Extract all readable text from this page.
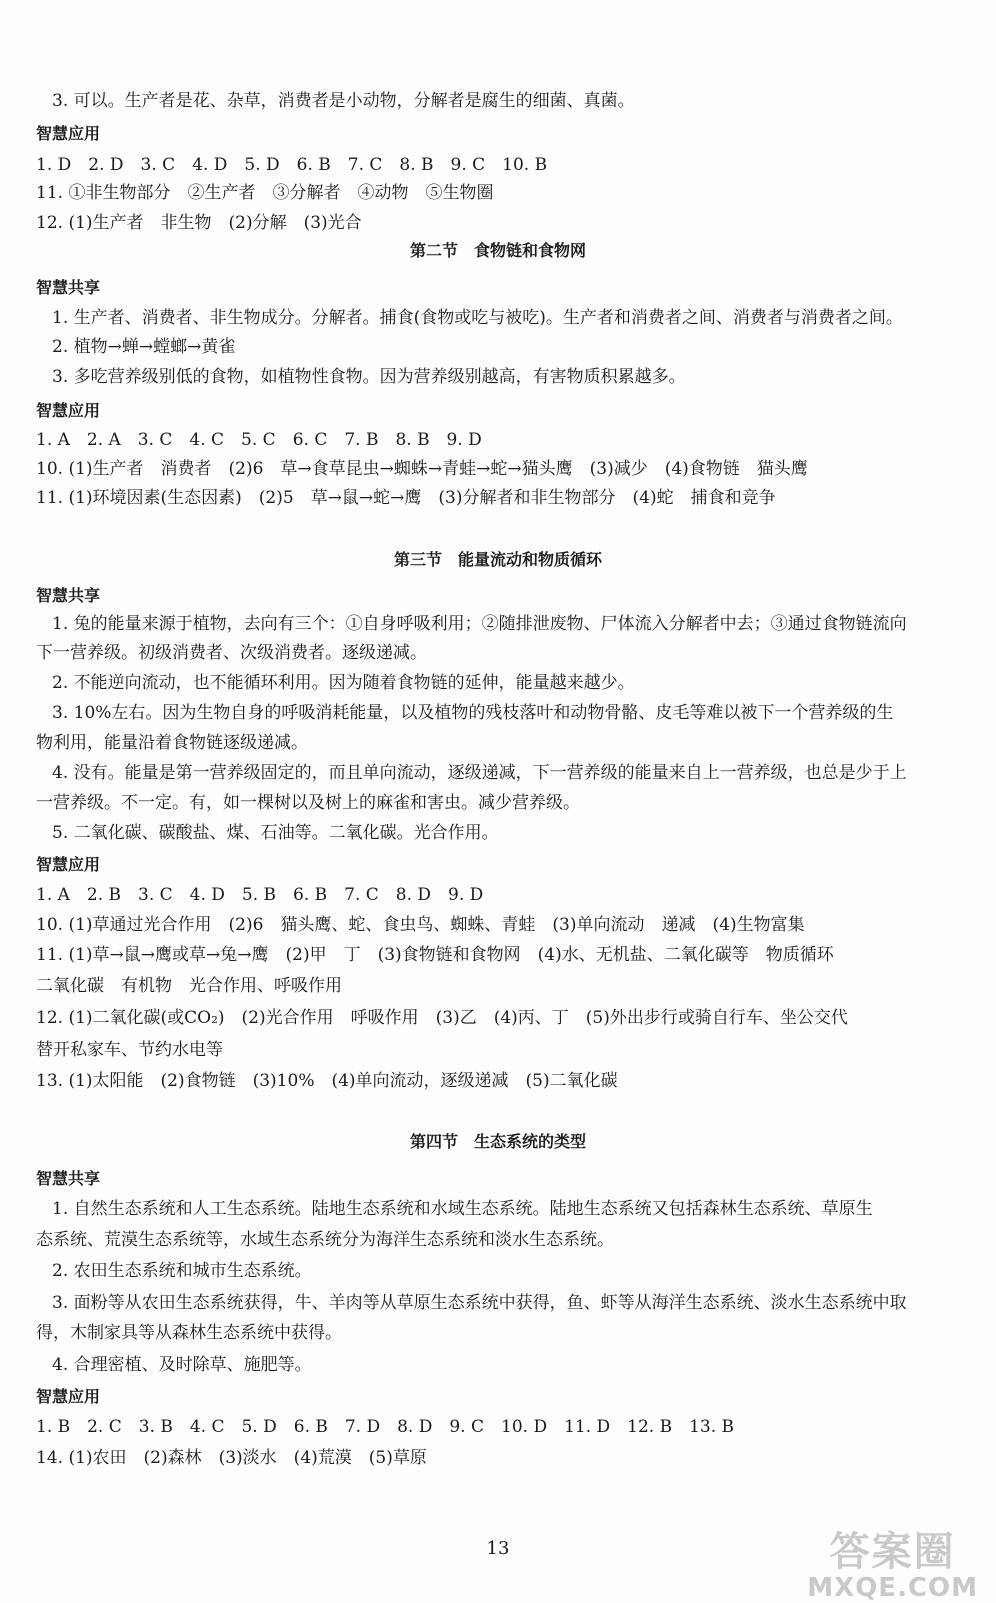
3. 可以。生产者是花、杂草，消费者是小动物，分解者是腐生的细菌、真菌。
智慧应用
1. D　2. D　3. C　4. D　5. D　6. B　7. C　8. B　9. C　10. B
11. ①非生物部分　②生产者　③分解者　④动物　⑤生物圈
12. (1)生产者　非生物　(2)分解　(3)光合
第二节　食物链和食物网
智慧共享
1. 生产者、消费者、非生物成分。分解者。捕食(食物或吃与被吃)。生产者和消费者之间、消费者与消费者之间。
2. 植物→蝉→螳螂→黄雀
3. 多吃营养级别低的食物，如植物性食物。因为营养级别越高，有害物质积累越多。
智慧应用
1. A　2. A　3. C　4. C　5. C　6. C　7. B　8. B　9. D
10. (1)生产者　消费者　(2)6　草→食草昆虫→蜘蛛→青蛙→蛇→猫头鹰　(3)减少　(4)食物链　猫头鹰
11. (1)环境因素(生态因素)　(2)5　草→鼠→蛇→鹰　(3)分解者和非生物部分　(4)蛇　捕食和竞争
第三节　能量流动和物质循环
智慧共享
1. 兔的能量来源于植物，去向有三个：①自身呼吸利用；②随排泄废物、尸体流入分解者中去；③通过食物链流向
下一营养级。初级消费者、次级消费者。逐级递减。
2. 不能逆向流动，也不能循环利用。因为随着食物链的延伸，能量越来越少。
3. 10%左右。因为生物自身的呼吸消耗能量，以及植物的残枝落叶和动物骨骼、皮毛等难以被下一个营养级的生
物利用，能量沿着食物链逐级递减。
4. 没有。能量是第一营养级固定的，而且单向流动，逐级递减，下一营养级的能量来自上一营养级，也总是少于上
一营养级。不一定。有，如一棵树以及树上的麻雀和害虫。减少营养级。
5. 二氧化碳、碳酸盐、煤、石油等。二氧化碳。光合作用。
智慧应用
1. A　2. B　3. C　4. D　5. B　6. B　7. C　8. D　9. D
10. (1)草通过光合作用　(2)6　猫头鹰、蛇、食虫鸟、蜘蛛、青蛙　(3)单向流动　递减　(4)生物富集
11. (1)草→鼠→鹰或草→兔→鹰　(2)甲　丁　(3)食物链和食物网　(4)水、无机盐、二氧化碳等　物质循环
二氧化碳　有机物　光合作用、呼吸作用
12. (1)二氧化碳(或CO₂)　(2)光合作用　呼吸作用　(3)乙　(4)丙、丁　(5)外出步行或骑自行车、坐公交代
替开私家车、节约水电等
13. (1)太阳能　(2)食物链　(3)10%　(4)单向流动，逐级递减　(5)二氧化碳
第四节　生态系统的类型
智慧共享
1. 自然生态系统和人工生态系统。陆地生态系统和水域生态系统。陆地生态系统又包括森林生态系统、草原生
态系统、荒漠生态系统等，水域生态系统分为海洋生态系统和淡水生态系统。
2. 农田生态系统和城市生态系统。
3. 面粉等从农田生态系统获得，牛、羊肉等从草原生态系统中获得，鱼、虾等从海洋生态系统、淡水生态系统中取
得，木制家具等从森林生态系统中获得。
4. 合理密植、及时除草、施肥等。
智慧应用
1. B　2. C　3. B　4. C　5. D　6. B　7. D　8. D　9. C　10. D　11. D　12. B　13. B
14. (1)农田　(2)森林　(3)淡水　(4)荒漠　(5)草原
13	答案圈
MXQE.COM
